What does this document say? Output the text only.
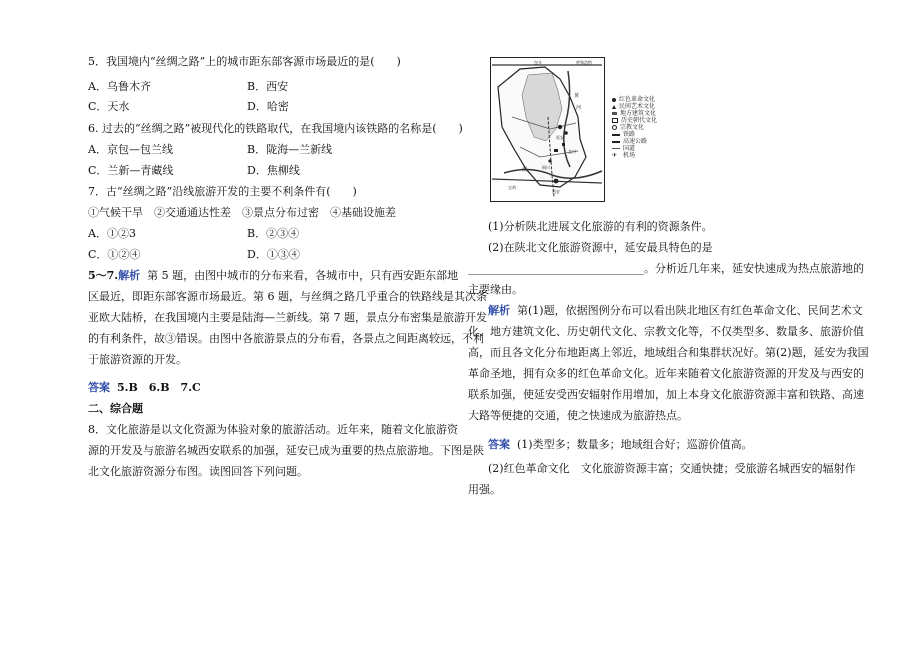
5．我国境内“丝绸之路”上的城市距东部客源市场最近的是(　　)
A．乌鲁木齐	B．西安
C．天水	D．哈密
6. 过去的“丝绸之路”被现代化的铁路取代，在我国境内该铁路的名称是(　　)
A．京包—包兰线	B．陇海—兰新线
C．兰新—青藏线	D．焦柳线
7．古“丝绸之路”沿线旅游开发的主要不利条件有(　　)
①气候干旱　②交通通达性差　③景点分布过密　④基础设施差
A．①②3	B．②③④
C．①②④	D．①③④
5～7.解析 第 5 题，由图中城市的分布来看，各城市中，只有西安距东部地
区最近，即距东部客源市场最近。第 6 题，与丝绸之路几乎重合的铁路线是其次条
亚欧大陆桥，在我国境内主要是陆海—兰新线。第 7 题，景点分布密集是旅游开发
的有利条件，故③错误。由图中各旅游景点的分布看，各景点之间距离较远，不利
于旅游资源的开发。
答案 5.B　6.B　7.C
二、综合题
8．文化旅游是以文化资源为体验对象的旅游活动。近年来，随着文化旅游资
源的开发及与旅游名城西安联系的加强，延安已成为重要的热点旅游地。下图是陕
北文化旅游资源分布图。读图回答下列问题。
包头	呼和浩特
黄
河
延安
宜川
铜川
渭
西安
宝鸡
红色革命文化
民间艺术文化
地方建筑文化
历史朝代文化
宗教文化
铁路
高速公路
国道
✈ 机场
(1)分析陕北进展文化旅游的有利的资源条件。
(2)在陕北文化旅游资源中，延安最具特色的是
________________________________。分析近几年来，延安快速成为热点旅游地的
主要缘由。
解析 第(1)题，依据图例分布可以看出陕北地区有红色革命文化、民间艺术文
化、地方建筑文化、历史朝代文化、宗教文化等，不仅类型多、数量多、旅游价值
高，而且各文化分布地距离上邻近，地域组合和集群状况好。第(2)题，延安为我国
革命圣地，拥有众多的红色革命文化。近年来随着文化旅游资源的开发及与西安的
联系加强，使延安受西安辐射作用增加，加上本身文化旅游资源丰富和铁路、高速
大路等便捷的交通，使之快速成为旅游热点。
答案 (1)类型多；数量多；地域组合好；巡游价值高。
(2)红色革命文化　文化旅游资源丰富；交通快捷；受旅游名城西安的辐射作
用强。
